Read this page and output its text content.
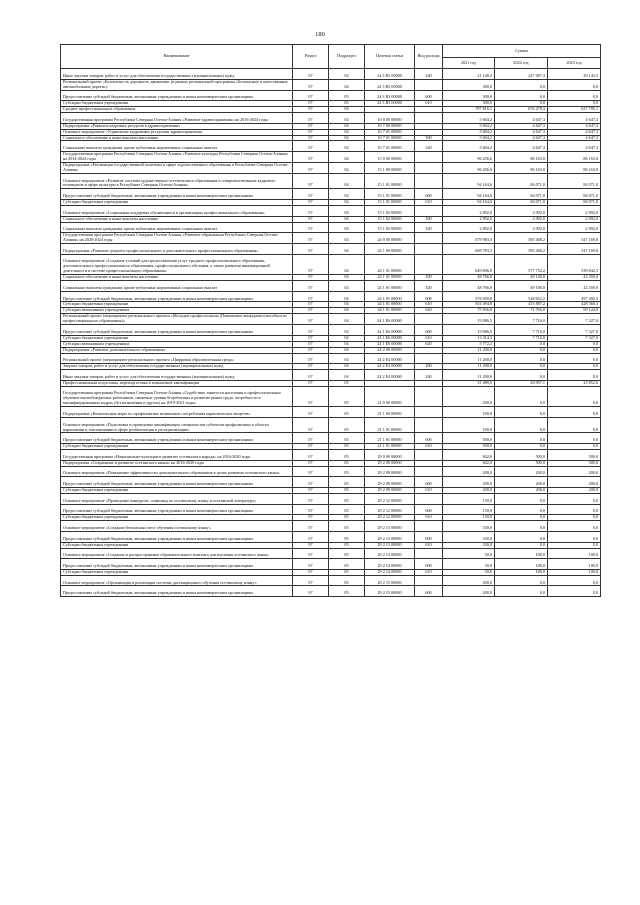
180
Наименование	Раздел	Подраздел	Целевая статья	Вид расхода	Суммы		
					2021 год	2022 год	2023 год
Иные закупки товаров, работ и услуг для обеспечения государственных (муниципальных) нужд	07	04	24 3 R3 00000	240	21 148,2	247 007,3	29 143,5
Региональный проект «Безопасность дорожного движения» (в рамках региональной программы «Безопасные и качественные автомобильные дороги»)	07	04	24 3 R3 00000		300,0	0,0	0,0
Предоставление субсидий бюджетным, автономным учреждениям и иным некоммерческим организациям	07	05	24 3 R3 00000	600	300,0	0,0	0,0
Субсидии бюджетным учреждениям	07	05	24 3 R3 00000	610	300,0	0,0	0,0
Среднее профессиональное образование	07	04			787 816,1	676 278,3	637 795,1
Государственная программа Республики Северная Осетия-Алания «Развитие здравоохранения» на 2016-2024 годы	07	04	10 0 00 00000		5 604,2	4 647,3	4 647,3
Подпрограмма «Развитие кадровых ресурсов в здравоохранении»	07	04	10 7 00 00000		5 604,2	4 647,3	4 647,3
Основное мероприятие «Управление кадровыми ресурсами здравоохранения»	07	04	10 7 01 00000		5 604,2	4 647,3	4 647,3
Социальное обеспечение и иные выплаты населению	07	04	10 7 01 00000	300	5 604,2	4 647,3	4 647,3
Социальные выплаты гражданам, кроме публичных нормативных социальных выплат	07	04	10 7 01 00000	320	5 604,2	4 647,3	4 647,3
Государственная программа Республики Северная Осетия-Алания «Развитие культуры Республики Северная Осетия-Алания» на 2014-2024 годы	07	04	15 0 00 00000		96 256,6	86 163,0	86 163,0
Подпрограмма «Реализация государственной политики в сфере художественного образования в Республике Северная Осетия-Алания»	07	04	15 1 00 00000		96 256,6	86 163,0	86 163,0
Основное мероприятие «Развитие системы художественно-эстетического образования и совершенствование кадрового потенциала в сфере культуры в Республике Северная Осетия-Алания»	07	04	15 1 01 00000		94 164,6	84 071,0	84 071,0
Предоставление субсидий бюджетным, автономным учреждениям и иным некоммерческим организациям	07	04	15 1 01 00000	600	94 164,6	84 071,0	84 071,0
Субсидии бюджетным учреждениям	07	04	15 1 01 00000	610	94 164,6	84 071,0	84 071,0
Основное мероприятие «Социальная поддержка обучающихся в организациях профессионального образования»	07	04	15 1 02 00000		2 092,0	2 092,0	2 092,0
Социальное обеспечение и иные выплаты населению	07	04	15 1 02 00000	300	2 092,0	2 092,0	2 092,0
Социальные выплаты гражданам, кроме публичных нормативных социальных выплат	07	04	15 1 02 00000	320	2 092,0	2 092,0	2 092,0
Государственная программа Республики Северная Осетия-Алания «Развитие образования Республики Северная Осетия-Алания» на 2020-2024 годы	07	04	24 0 00 00000		679 983,3	585 468,2	547 169,8
Подпрограмма «Развитие среднего профессионального и дополнительного профессионального образования»	07	04	24 1 00 00000		668 783,3	585 468,2	547 169,8
Основное мероприятие «Создание условий для предоставления услуг среднего профессионального образования, дополнительного профессионального образования, профессионального обучения, а также развития инновационной деятельности в системе профессионального образования»	07	04	24 1 01 00000		649 696,8	577 752,2	539 842,5
Социальное обеспечение и иные выплаты населению	07	04	24 1 01 00000	300	48 766,0	49 100,0	42 350,0
Социальные выплаты гражданам, кроме публичных нормативных социальных выплат	07	04	24 1 01 00000	320	48 766,0	49 100,0	42 350,0
Предоставление субсидий бюджетным, автономным учреждениям и иным некоммерческим организациям	07	04	24 1 01 00000	600	576 930,8	528 652,2	497 492,5
Субсидии бюджетным учреждениям	07	04	24 1 01 00000	610	501 094,8	455 887,2	428 368,3
Субсидии автономным учреждениям	07	04	24 1 01 00000	620	75 836,0	72 765,0	69 124,0
Региональный проект (мероприятие регионального проекта «Молодые профессионалы (Повышение конкурентоспособности профессионального образования)»	07	04	24 1 E6 00000		19 086,5	7 716,0	7 327,0
Предоставление субсидий бюджетным, автономным учреждениям и иным некоммерческим организациям	07	04	24 1 E6 00000	600	19 086,5	7 716,0	7 327,0
Субсидии бюджетным учреждениям	07	04	24 1 E6 00000	610	13 314,3	7 716,0	7 327,0
Субсидии автономным учреждениям	07	04	24 1 E6 00000	620	5 772,2	0,0	0,0
Подпрограмма «Развитие дополнительного образования»	07	04	24 2 00 00000		11 200,0	0,0	0,0
Региональный проект (мероприятие регионального проекта «Цифровая образовательная среда»	07	04	24 2 E4 00000		11 200,0	0,0	0,0
Закупка товаров, работ и услуг для обеспечения государственных (муниципальных) нужд	07	04	24 2 E4 00000	200	11 200,0	0,0	0,0
Иные закупки товаров, работ и услуг для обеспечения государственных (муниципальных) нужд	07	04	24 2 E4 00000	240	11 200,0	0,0	0,0
Профессиональная подготовка, переподготовка и повышение квалификации	07	05			31 089,0	26 997,1	25 852,6
Государственная программа Республики Северная Осетия-Алания «Содействие занятости населения и профессиональное обучение высвобождаемых работников, снижение уровня безработицы и развитие рынка труда, потребности в квалифицированных кадрах (без назначения и других) на 2019-2021 годы»	07	05	21 0 00 00000		200,0	0,0	0,0
Подпрограмма «Комплексные меры по профилактике незаконного потребления наркотических веществ»	07	05	21 1 00 00000		100,0	0,0	0,0
Основное мероприятие «Подготовка и проведение квалификации специалистов субъектов профилактики в области наркомании и токсикомании в сфере реабилитации и ресоциализации»	07	05	21 1 01 00000		100,0	0,0	0,0
Предоставление субсидий бюджетным, автономным учреждениям и иным некоммерческим организациям	07	05	21 1 01 00000	600	500,0	0,0	0,0
Субсидии бюджетным учреждениям	07	05	21 1 01 00000	610	500,0	0,0	0,0
Государственная программа «Национально-культурное развитие осетинского народа» на 2016-2020 годы	07	05	29 0 00 00000		842,0	500,0	500,0
Подпрограмма «Сохранение и развитие осетинского языка» на 2016-2020 годы	07	05	29 2 00 00000		842,0	500,0	500,0
Основное мероприятие «Повышение эффективности дополнительного образования в целях развития осетинского языка»	07	05	29 2 09 00000		200,0	200,0	200,0
Предоставление субсидий бюджетным, автономным учреждениям и иным некоммерческим организациям	07	05	29 2 09 00000	600	200,0	200,0	200,0
Субсидии бюджетным учреждениям	07	05	29 2 09 00000	610	200,0	200,0	200,0
Основное мероприятие «Проведение конкурсов, олимпиад по осетинскому языку и осетинской литературе»	07	05	29 2 12 00000		150,0	0,0	0,0
Предоставление субсидий бюджетным, автономным учреждениям и иным некоммерческим организациям	07	05	29 2 12 00000	600	150,0	0,0	0,0
Субсидии бюджетным учреждениям	07	05	29 2 12 00000	610	150,0	0,0	0,0
Основное мероприятие «Создание безопасных мест обучения осетинскому языку»	07	05	29 2 13 00000		330,0	0,0	0,0
Предоставление субсидий бюджетным, автономным учреждениям и иным некоммерческим организациям	07	05	29 2 13 00000	600	330,0	0,0	0,0
Субсидии бюджетным учреждениям	07	05	29 2 13 00000	610	330,0	0,0	0,0
Основное мероприятие «Создание и распространение образовательного контента для изучения осетинского языка»	07	05	29 2 14 00000		50,0	100,0	100,0
Предоставление субсидий бюджетным, автономным учреждениям и иным некоммерческим организациям	07	05	29 2 14 00000	600	50,0	100,0	100,0
Субсидии бюджетным учреждениям	07	05	29 2 14 00000	610	50,0	100,0	100,0
Основное мероприятие «Организация и реализация системы дистанционного обучения осетинскому языку»	07	05	29 2 15 00000		200,0	0,0	0,0
Предоставление субсидий бюджетным, автономным учреждениям и иным некоммерческим организациям	07	05	29 2 15 00000	600	200,0	0,0	0,0
